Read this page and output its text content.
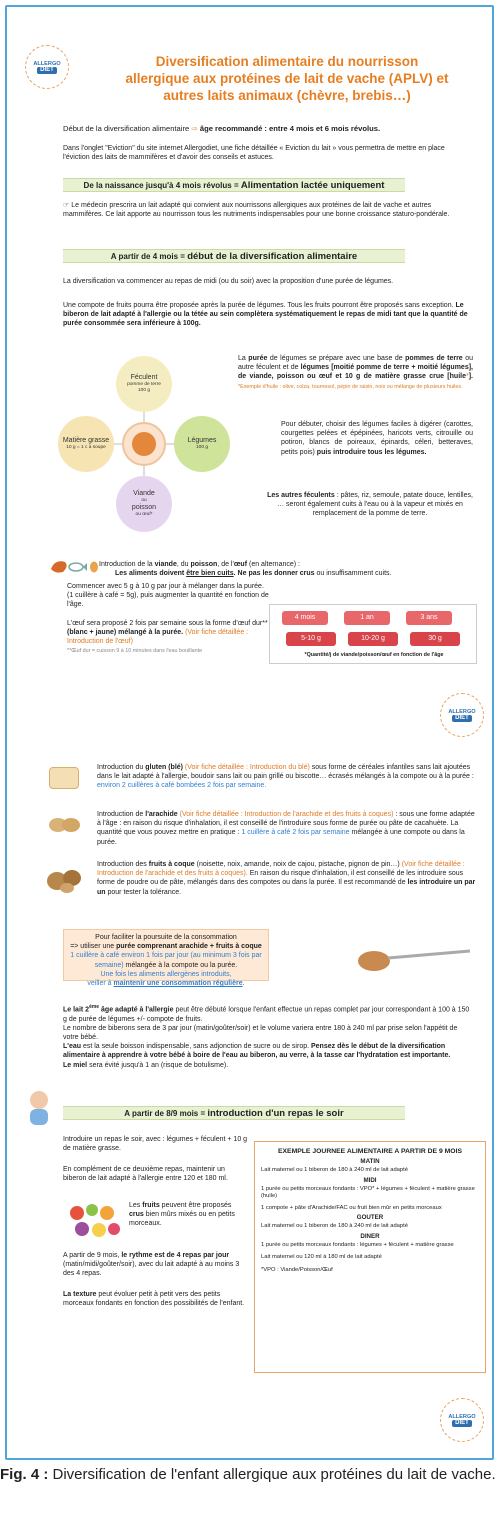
ALLERGO
DIET
Diversification alimentaire du nourrisson
allergique aux protéines de lait de vache (APLV) et
autres laits animaux (chèvre, brebis…)
Début de la diversification alimentaire ⇨ âge recommandé : entre 4 mois et 6 mois révolus.
Dans l'onglet "Eviction" du site internet Allergodiet, une fiche détaillée « Eviction du lait » vous permettra de mettre en place l'éviction des laits de mammifères et d'avoir des conseils et astuces.
De la naissance jusqu'à 4 mois révolus = Alimentation lactée uniquement
☞ Le médecin prescrira un lait adapté qui convient aux nourrissons allergiques aux protéines de lait de vache et autres mammifères. Ce lait apporte au nourrisson tous les nutriments indispensables pour une bonne croissance staturo-pondérale.
A partir de 4 mois = début de la diversification alimentaire
La diversification va commencer au repas de midi (ou du soir) avec la proposition d'une purée de légumes.
Une compote de fruits pourra être proposée après la purée de légumes. Tous les fruits pourront être proposés sans exception. Le biberon de lait adapté à l'allergie ou la tétée au sein complètera systématiquement le repas de midi tant que la quantité de purée consommée sera inférieure à 100g.
Féculent
pomme de terre
100 g
Légumes
100 g
Matière grasse
10 g = 1 c à soupe
Viande
ou
poisson
ou œuf*
La purée de légumes se prépare avec une base de pommes de terre ou autre féculent et de légumes [moitié pomme de terre + moitié légumes], de viande, poisson ou œuf et 10 g de matière grasse crue [huile*]. *Exemple d'huile : olive, colza, tournesol, pépin de raisin, noix ou mélange de plusieurs huiles.
Pour débuter, choisir des légumes faciles à digérer (carottes, courgettes pelées et épépinées, haricots verts, citrouille ou potiron, blancs de poireaux, épinards, céleri, betteraves, petits pois) puis introduire tous les légumes.
Les autres féculents : pâtes, riz, semoule, patate douce, lentilles, … seront également cuits à l'eau ou à la vapeur et mixés en remplacement de la pomme de terre.
Introduction de la viande, du poisson, de l'œuf (en alternance) :
Les aliments doivent être bien cuits. Ne pas les donner crus ou insuffisamment cuits.
Commencer avec 5 g à 10 g par jour à mélanger dans la purée. (1 cuillère à café = 5g), puis augmenter la quantité en fonction de l'âge.
L'œuf sera proposé 2 fois par semaine sous la forme d'œuf dur** (blanc + jaune) mélangé à la purée. (Voir fiche détaillée : Introduction de l'œuf)
**Œuf dur = cuisson 9 à 10 minutes dans l'eau bouillante
4 mois	1 an	3 ans
5-10 g	10-20 g	30 g
*Quantité/j de viande/poisson/œuf en fonction de l'âge
ALLERGO
DIET
Introduction du gluten (blé) (Voir fiche détaillée : Introduction du blé) sous forme de céréales infantiles sans lait ajoutées dans le lait adapté à l'allergie, boudoir sans lait ou pain grillé ou biscotte… écrasés mélangés à la compote ou à la purée : environ 2 cuillères à café bombées 2 fois par semaine.
Introduction de l'arachide (Voir fiche détaillée : Introduction de l'arachide et des fruits à coques) : sous une forme adaptée à l'âge : en raison du risque d'inhalation, il est conseillé de l'introduire sous forme de purée ou pâte de cacahuète. La quantité que vous pouvez mettre en pratique : 1 cuillère à café 2 fois par semaine mélangée à une compote ou dans la purée.
Introduction des fruits à coque (noisette, noix, amande, noix de cajou, pistache, pignon de pin…) (Voir fiche détaillée : Introduction de l'arachide et des fruits à coques). En raison du risque d'inhalation, il est conseillé de les introduire sous forme de poudre ou de pâte, mélangés dans des compotes ou dans la purée. Il est recommandé de les introduire un par un pour tester la tolérance.
Pour faciliter la poursuite de la consommation
=> utiliser une purée comprenant arachide + fruits à coque
1 cuillère à café environ 1 fois par jour (au minimum 3 fois par semaine) mélangée à la compote ou la purée.
Une fois les aliments allergènes introduits,
veiller à maintenir une consommation régulière.
Le lait 2ème âge adapté à l'allergie peut être débuté lorsque l'enfant effectue un repas complet par jour correspondant à 100 à 150 g de purée de légumes +/- compote de fruits.
Le nombre de biberons sera de 3 par jour (matin/goûter/soir) et le volume variera entre 180 à 240 ml par prise selon l'appétit de votre bébé.
L'eau est la seule boisson indispensable, sans adjonction de sucre ou de sirop. Pensez dès le début de la diversification alimentaire à apprendre à votre bébé à boire de l'eau au biberon, au verre, à la tasse car l'hydratation est importante.
Le miel sera évité jusqu'à 1 an (risque de botulisme).
A partir de 8/9 mois = introduction d'un repas le soir
Introduire un repas le soir, avec : légumes + féculent + 10 g de matière grasse.
En complément de ce deuxième repas, maintenir un biberon de lait adapté à l'allergie entre 120 et 180 ml.
Les fruits peuvent être proposés crus bien mûrs mixés ou en petits morceaux.
A partir de 9 mois, le rythme est de 4 repas par jour (matin/midi/goûter/soir), avec du lait adapté à au moins 3 des 4 repas.
La texture peut évoluer petit à petit vers des petits morceaux fondants en fonction des possibilités de l'enfant.
EXEMPLE JOURNEE ALIMENTAIRE A PARTIR DE 9 MOIS
MATIN
Lait maternel ou 1 biberon de 180 à 240 ml de lait adapté
MIDI
1 purée ou petits morceaux fondants : VPO* + légumes + féculent + matière grasse (huile)
1 compote + pâte d'Arachide/FAC ou fruit bien mûr en petits morceaux
GOUTER
Lait maternel ou 1 biberon de 180 à 240 ml de lait adapté
DINER
1 purée ou petits morceaux fondants : légumes + féculent + matière grasse
Lait maternel ou 120 ml à 180 ml de lait adapté
*VPO : Viande/Poisson/Œuf
ALLERGO
DIET
Fig. 4 : Diversification de l'enfant allergique aux protéines du lait de vache.
